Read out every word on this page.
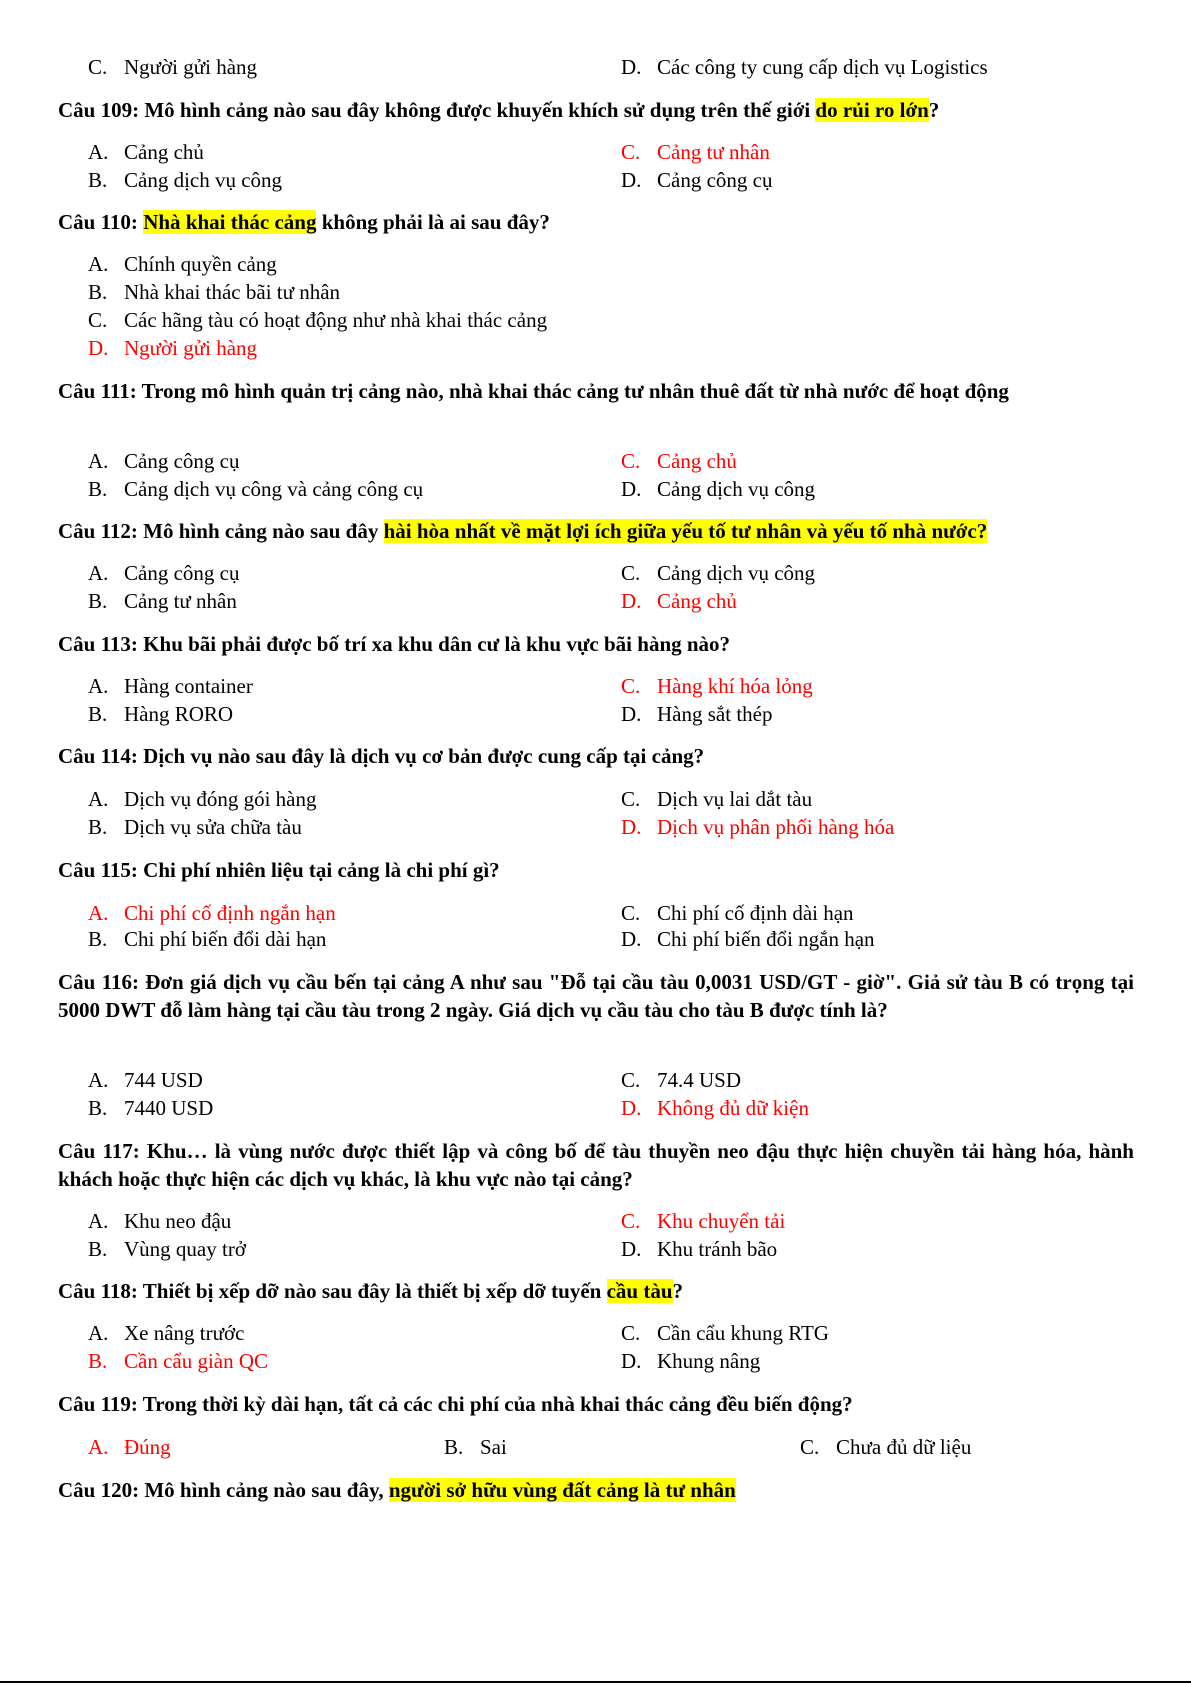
C. Người gửi hàng	D. Các công ty cung cấp dịch vụ Logistics
Câu 109: Mô hình cảng nào sau đây không được khuyến khích sử dụng trên thế giới do rủi ro lớn?
A. Cảng chủ	C. Cảng tư nhân
B. Cảng dịch vụ công	D. Cảng công cụ
Câu 110: Nhà khai thác cảng không phải là ai sau đây?
A. Chính quyền cảng
B. Nhà khai thác bãi tư nhân
C. Các hãng tàu có hoạt động như nhà khai thác cảng
D. Người gửi hàng
Câu 111: Trong mô hình quản trị cảng nào, nhà khai thác cảng tư nhân thuê đất từ nhà nước để hoạt động
A. Cảng công cụ	C. Cảng chủ
B. Cảng dịch vụ công và cảng công cụ	D. Cảng dịch vụ công
Câu 112: Mô hình cảng nào sau đây hài hòa nhất về mặt lợi ích giữa yếu tố tư nhân và yếu tố nhà nước?
A. Cảng công cụ	C. Cảng dịch vụ công
B. Cảng tư nhân	D. Cảng chủ
Câu 113: Khu bãi phải được bố trí xa khu dân cư là khu vực bãi hàng nào?
A. Hàng container	C. Hàng khí hóa lỏng
B. Hàng RORO	D. Hàng sắt thép
Câu 114: Dịch vụ nào sau đây là dịch vụ cơ bản được cung cấp tại cảng?
A. Dịch vụ đóng gói hàng	C. Dịch vụ lai dắt tàu
B. Dịch vụ sửa chữa tàu	D. Dịch vụ phân phối hàng hóa
Câu 115: Chi phí nhiên liệu tại cảng là chi phí gì?
A. Chi phí cố định ngắn hạn	C. Chi phí cố định dài hạn
B. Chi phí biến đổi dài hạn	D. Chi phí biến đổi ngắn hạn
Câu 116: Đơn giá dịch vụ cầu bến tại cảng A như sau "Đỗ tại cầu tàu 0,0031 USD/GT - giờ". Giả sử tàu B có trọng tại 5000 DWT đỗ làm hàng tại cầu tàu trong 2 ngày. Giá dịch vụ cầu tàu cho tàu B được tính là?
A. 744 USD	C. 74.4 USD
B. 7440 USD	D. Không đủ dữ kiện
Câu 117: Khu… là vùng nước được thiết lập và công bố để tàu thuyền neo đậu thực hiện chuyền tải hàng hóa, hành khách hoặc thực hiện các dịch vụ khác, là khu vực nào tại cảng?
A. Khu neo đậu	C. Khu chuyển tải
B. Vùng quay trở	D. Khu tránh bão
Câu 118: Thiết bị xếp dỡ nào sau đây là thiết bị xếp dỡ tuyến cầu tàu?
A. Xe nâng trước	C. Cần cẩu khung RTG
B. Cần cẩu giàn QC	D. Khung nâng
Câu 119: Trong thời kỳ dài hạn, tất cả các chi phí của nhà khai thác cảng đều biến động?
A. Đúng	B. Sai	C. Chưa đủ dữ liệu
Câu 120: Mô hình cảng nào sau đây, người sở hữu vùng đất cảng là tư nhân
